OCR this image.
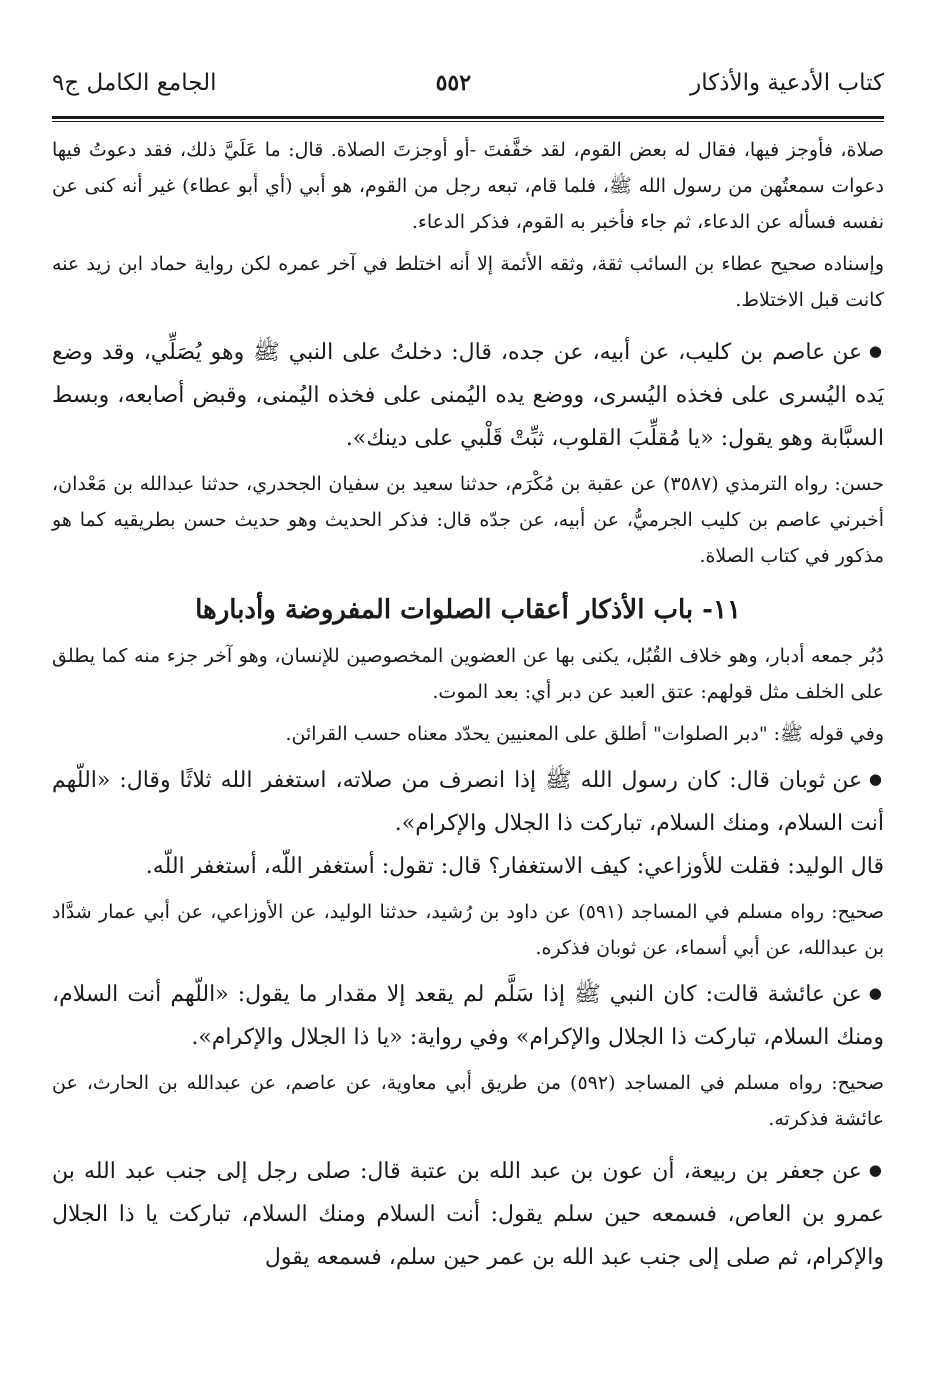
كتاب الأدعية والأذكار
٥٥٢
الجامع الكامل ج٩

صلاة، فأوجز فيها، فقال له بعض القوم، لقد خفَّفتَ -أو أوجزتَ الصلاة. قال: ما عَلَيَّ ذلك، فقد دعوتُ فيها دعوات سمعتُهن من رسول الله ﷺ، فلما قام، تبعه رجل من القوم، هو أبي (أي أبو عطاء) غير أنه كنى عن نفسه فسأله عن الدعاء، ثم جاء فأخبر به القوم، فذكر الدعاء.

وإسناده صحيح عطاء بن السائب ثقة، وثقه الأئمة إلا أنه اختلط في آخر عمره لكن رواية حماد ابن زيد عنه كانت قبل الاختلاط.

● عن عاصم بن كليب، عن أبيه، عن جده، قال: دخلتُ على النبي ﷺ وهو يُصَلِّي، وقد وضع يَده اليُسرى على فخذه اليُسرى، ووضع يده اليُمنى على فخذه اليُمنى، وقبض أصابعه، وبسط السبَّابة وهو يقول: «يا مُقلِّبَ القلوب، ثبِّتْ قَلْبي على دينك».

حسن: رواه الترمذي (٣٥٨٧) عن عقبة بن مُكْرَم، حدثنا سعيد بن سفيان الجحدري، حدثنا عبدالله بن مَعْدان، أخبرني عاصم بن كليب الجرميُّ، عن أبيه، عن جدّه قال: فذكر الحديث وهو حديث حسن بطريقيه كما هو مذكور في كتاب الصلاة.

١١- باب الأذكار أعقاب الصلوات المفروضة وأدبارها

دُبُر جمعه أدبار، وهو خلاف القُبُل، يكنى بها عن العضوين المخصوصين للإنسان، وهو آخر جزء منه كما يطلق على الخلف مثل قولهم: عتق العبد عن دبر أي: بعد الموت.

وفي قوله ﷺ: "دبر الصلوات" أطلق على المعنيين يحدّد معناه حسب القرائن.

● عن ثوبان قال: كان رسول الله ﷺ إذا انصرف من صلاته، استغفر الله ثلاثًا وقال: «اللّهم أنت السلام، ومنك السلام، تباركت ذا الجلال والإكرام».

قال الوليد: فقلت للأوزاعي: كيف الاستغفار؟ قال: تقول: أستغفر اللّه، أستغفر اللّه.

صحيح: رواه مسلم في المساجد (٥٩١) عن داود بن رُشيد، حدثنا الوليد، عن الأوزاعي، عن أبي عمار شدَّاد بن عبدالله، عن أبي أسماء، عن ثوبان فذكره.

● عن عائشة قالت: كان النبي ﷺ إذا سَلَّم لم يقعد إلا مقدار ما يقول: «اللّهم أنت السلام، ومنك السلام، تباركت ذا الجلال والإكرام» وفي رواية: «يا ذا الجلال والإكرام».

صحيح: رواه مسلم في المساجد (٥٩٢) من طريق أبي معاوية، عن عاصم، عن عبدالله بن الحارث، عن عائشة فذكرته.

● عن جعفر بن ربيعة، أن عون بن عبد الله بن عتبة قال: صلى رجل إلى جنب عبد الله بن عمرو بن العاص، فسمعه حين سلم يقول: أنت السلام ومنك السلام، تباركت يا ذا الجلال والإكرام، ثم صلى إلى جنب عبد الله بن عمر حين سلم، فسمعه يقول
